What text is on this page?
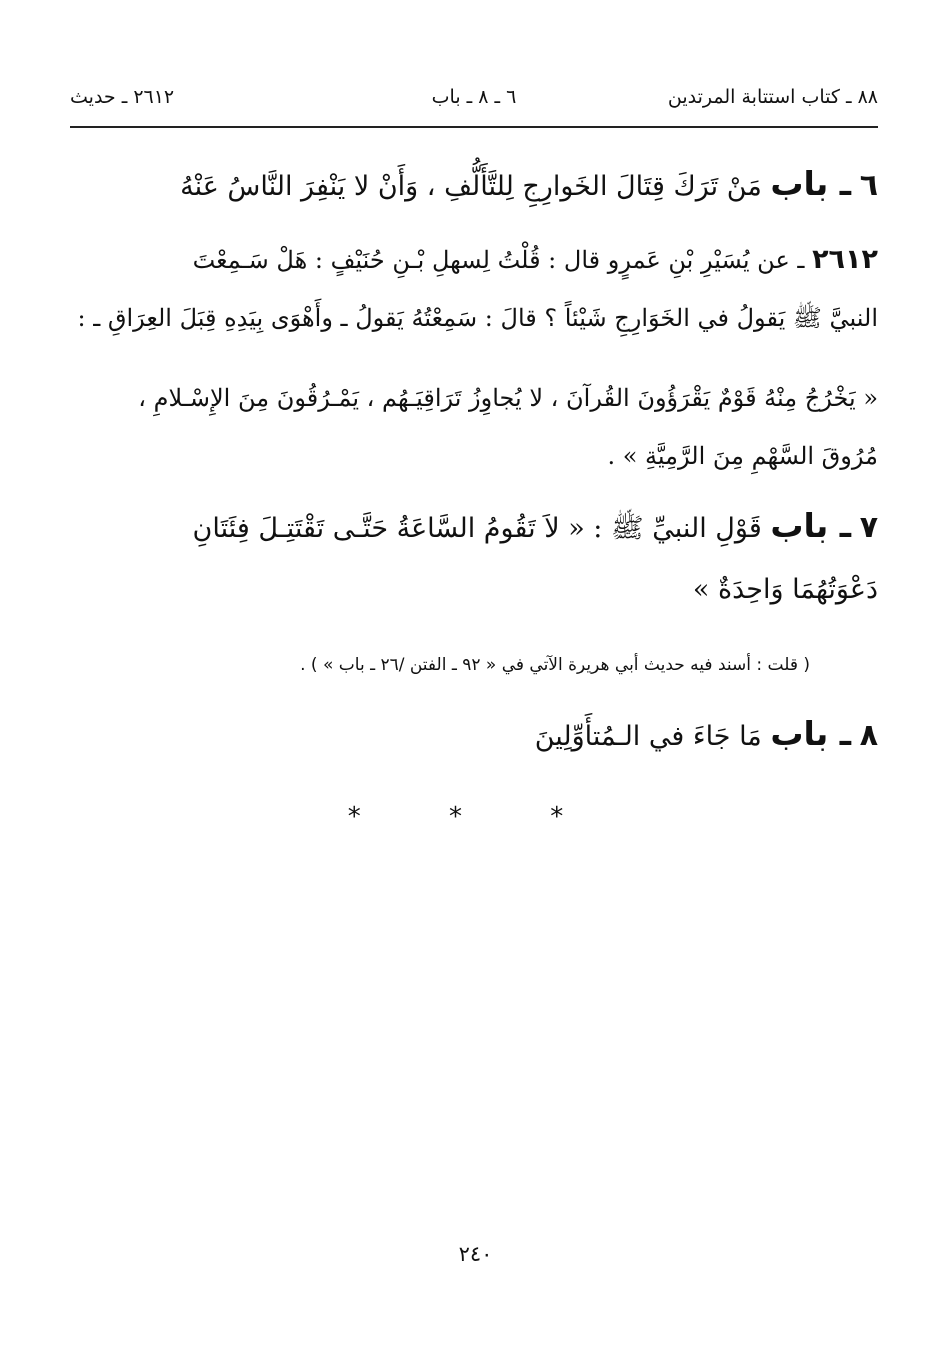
٨٨ ـ كتاب استتابة المرتدين
٦ ـ ٨ ـ باب
٢٦١٢ ـ حديث
٦ ـ باب مَنْ تَرَكَ قِتَالَ الخَوارِجِ لِلتَّأَلُّفِ ، وَأَنْ لا يَنْفِرَ النَّاسُ عَنْهُ
٢٦١٢ ـ عن يُسَيْرِ بْنِ عَمرٍو قال : قُلْتُ لِسهلِ بْـنِ حُنَيْفٍ : هَلْ سَـمِعْتَ
النبيَّ ﷺ يَقولُ في الخَوَارِجِ شَيْئاً ؟ قالَ : سَمِعْتُهُ يَقولُ ـ وأَهْوَى بِيَدِهِ قِبَلَ العِرَاقِ ـ :
« يَخْرُجُ مِنْهُ قَوْمٌ يَقْرَؤُونَ القُرآنَ ، لا يُجاوِزُ تَرَاقِيَـهُم ، يَمْـرُقُونَ مِنَ الإِسْـلامِ ،
مُرُوقَ السَّهْمِ مِنَ الرَّمِيَّةِ » .
٧ ـ باب قَوْلِ النبيِّ ﷺ : « لاَ تَقُومُ السَّاعَةُ حَتَّـى تَقْتَتِـلَ فِئَتَانِ
دَعْوَتُهُمَا وَاحِدَةٌ »
( قلت : أسند فيه حديث أبي هريرة الآتي في « ٩٢ ـ الفتن /٢٦ ـ باب » ) .
٨ ـ باب مَا جَاءَ في الـمُتأَوِّلِينَ
* * *
٢٤٠
